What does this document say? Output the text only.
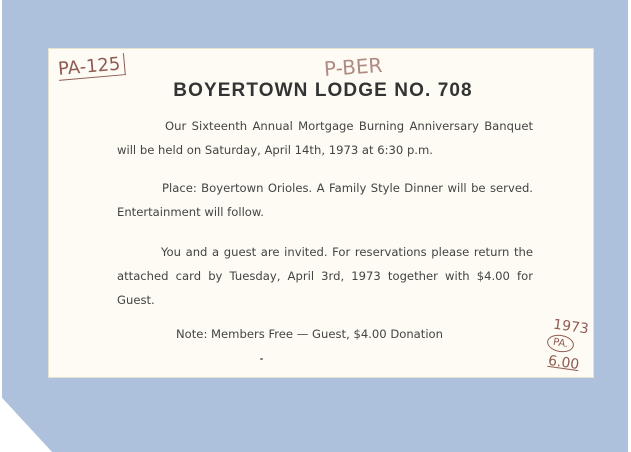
PA-125	P-BER
1973
PA.
6.00
BOYERTOWN LODGE NO. 708

Our Sixteenth Annual Mortgage Burning Anniversary Banquet will be held on Saturday, April 14th, 1973 at 6:30 p.m.

Place: Boyertown Orioles. A Family Style Dinner will be served. Entertainment will follow.

You and a guest are invited. For reservations please return the attached card by Tuesday, April 3rd, 1973 together with $4.00 for Guest.

Note: Members Free — Guest, $4.00 Donation
